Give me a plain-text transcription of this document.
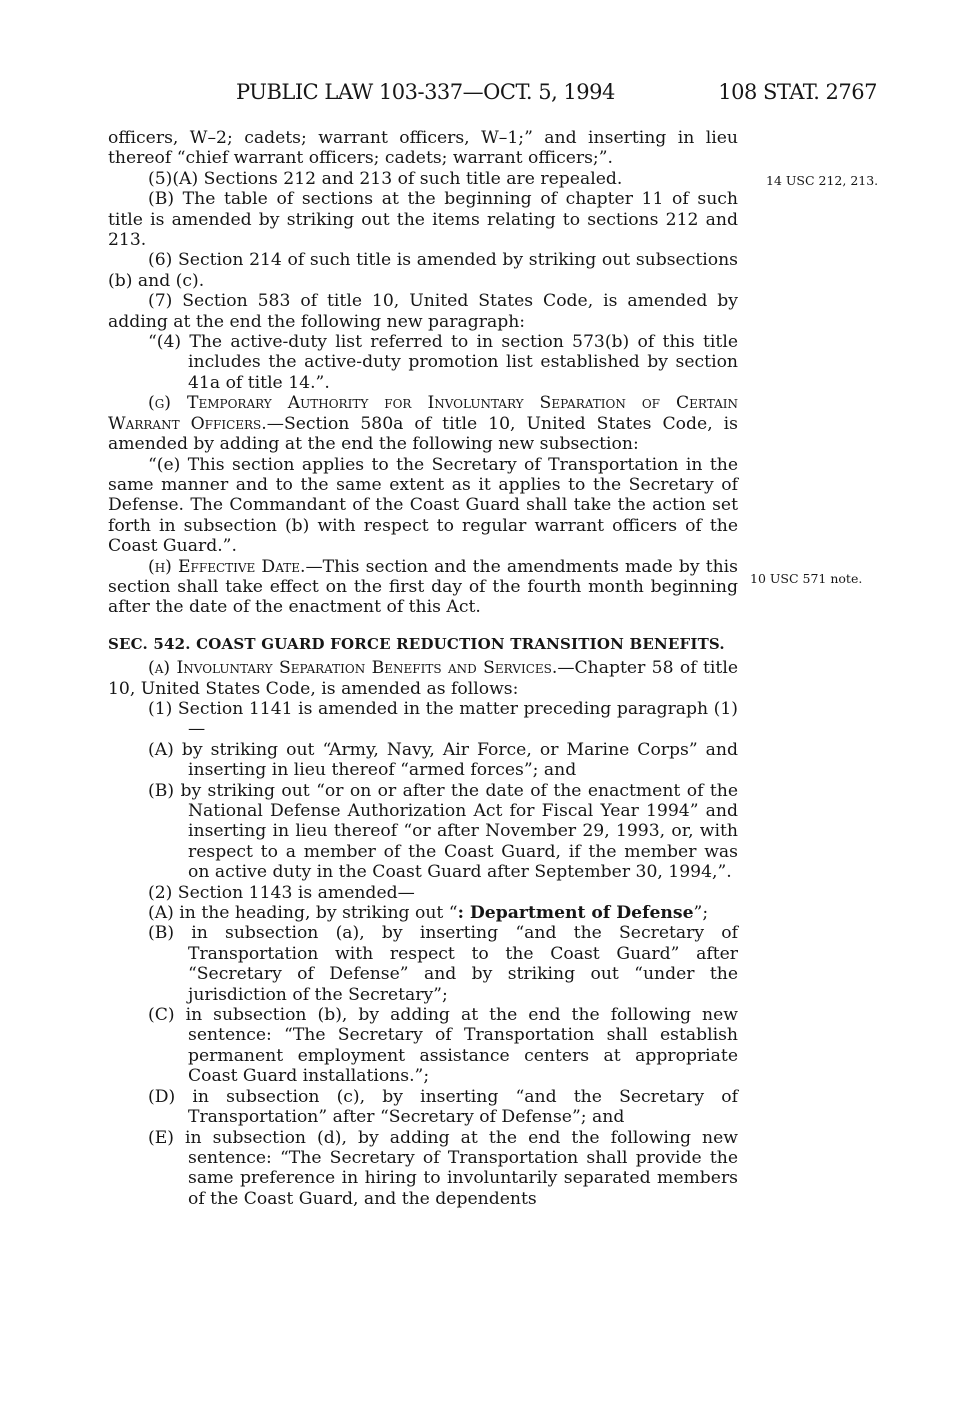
PUBLIC LAW 103-337—OCT. 5, 1994	108 STAT. 2767
14 USC 212, 213.
10 USC 571 note.

officers, W–2; cadets; warrant officers, W–1;” and inserting in lieu thereof “chief warrant officers; cadets; warrant officers;”.

(5)(A) Sections 212 and 213 of such title are repealed.

(B) The table of sections at the beginning of chapter 11 of such title is amended by striking out the items relating to sections 212 and 213.

(6) Section 214 of such title is amended by striking out subsections (b) and (c).

(7) Section 583 of title 10, United States Code, is amended by adding at the end the following new paragraph:

“(4) The active-duty list referred to in section 573(b) of this title includes the active-duty promotion list established by section 41a of title 14.”.

(g) Temporary Authority for Involuntary Separation of Certain Warrant Officers.—Section 580a of title 10, United States Code, is amended by adding at the end the following new subsection:

“(e) This section applies to the Secretary of Transportation in the same manner and to the same extent as it applies to the Secretary of Defense. The Commandant of the Coast Guard shall take the action set forth in subsection (b) with respect to regular warrant officers of the Coast Guard.”.

(h) Effective Date.—This section and the amendments made by this section shall take effect on the first day of the fourth month beginning after the date of the enactment of this Act.

SEC. 542. COAST GUARD FORCE REDUCTION TRANSITION BENEFITS.

(a) Involuntary Separation Benefits and Services.—Chapter 58 of title 10, United States Code, is amended as follows:

(1) Section 1141 is amended in the matter preceding paragraph (1)—

(A) by striking out “Army, Navy, Air Force, or Marine Corps” and inserting in lieu thereof “armed forces”; and

(B) by striking out “or on or after the date of the enactment of the National Defense Authorization Act for Fiscal Year 1994” and inserting in lieu thereof “or after November 29, 1993, or, with respect to a member of the Coast Guard, if the member was on active duty in the Coast Guard after September 30, 1994,”.

(2) Section 1143 is amended—

(A) in the heading, by striking out “: Department of Defense”;

(B) in subsection (a), by inserting “and the Secretary of Transportation with respect to the Coast Guard” after “Secretary of Defense” and by striking out “under the jurisdiction of the Secretary”;

(C) in subsection (b), by adding at the end the following new sentence: “The Secretary of Transportation shall establish permanent employment assistance centers at appropriate Coast Guard installations.”;

(D) in subsection (c), by inserting “and the Secretary of Transportation” after “Secretary of Defense”; and

(E) in subsection (d), by adding at the end the following new sentence: “The Secretary of Transportation shall provide the same preference in hiring to involuntarily separated members of the Coast Guard, and the dependents
